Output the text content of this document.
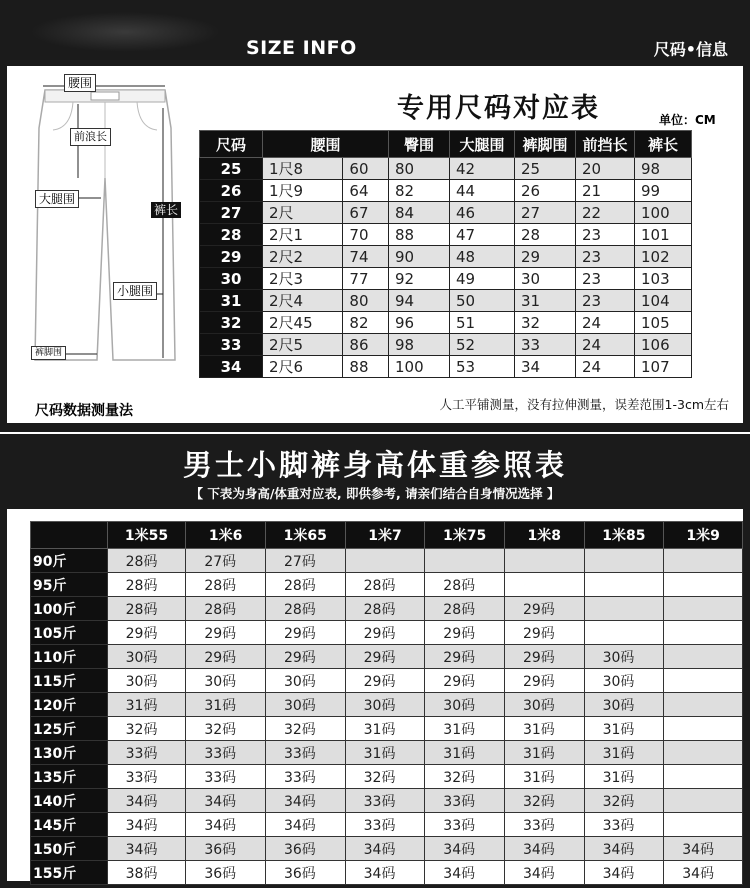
SIZE INFO	尺码•信息
腰围
前浪长
大腿围
裤长
小腿围
裤脚围
专用尺码对应表	单位：CM
尺码	腰围		臀围	大腿围	裤脚围	前挡长	裤长
25	1尺8	60	80	42	25	20	98
26	1尺9	64	82	44	26	21	99
27	2尺	67	84	46	27	22	100
28	2尺1	70	88	47	28	23	101
29	2尺2	74	90	48	29	23	102
30	2尺3	77	92	49	30	23	103
31	2尺4	80	94	50	31	23	104
32	2尺45	82	96	51	32	24	105
33	2尺5	86	98	52	33	24	106
34	2尺6	88	100	53	34	24	107
尺码数据测量法	人工平铺测量，没有拉伸测量，误差范围1-3cm左右
男士小脚裤身高体重参照表
【 下表为身高/体重对应表, 即供参考, 请亲们结合自身情况选择 】
	1米55	1米6	1米65	1米7	1米75	1米8	1米85	1米9
90斤	28码	27码	27码					
95斤	28码	28码	28码	28码	28码			
100斤	28码	28码	28码	28码	28码	29码		
105斤	29码	29码	29码	29码	29码	29码		
110斤	30码	29码	29码	29码	29码	29码	30码	
115斤	30码	30码	30码	29码	29码	29码	30码	
120斤	31码	31码	30码	30码	30码	30码	30码	
125斤	32码	32码	32码	31码	31码	31码	31码	
130斤	33码	33码	33码	31码	31码	31码	31码	
135斤	33码	33码	33码	32码	32码	31码	31码	
140斤	34码	34码	34码	33码	33码	32码	32码	
145斤	34码	34码	34码	33码	33码	33码	33码	
150斤	34码	36码	36码	34码	34码	34码	34码	34码
155斤	38码	36码	36码	34码	34码	34码	34码	34码
